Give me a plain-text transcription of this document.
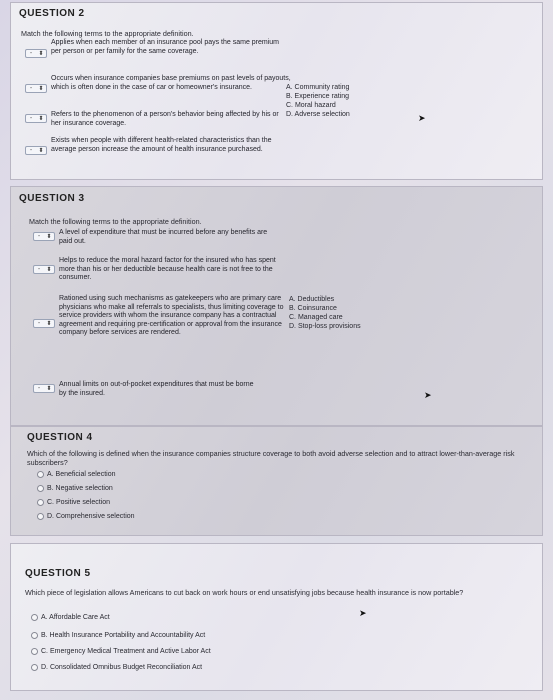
QUESTION 2
Match the following terms to the appropriate definition.
-	⬍
Applies when each member of an insurance pool pays the same premium per person or per family for the same coverage.
-	⬍
Occurs when insurance companies base premiums on past levels of payouts, which is often done in the case of car or homeowner's insurance.
-	⬍
Refers to the phenomenon of a person's behavior being affected by his or her insurance coverage.
-	⬍
Exists when people with different health-related characteristics than the average person increase the amount of health insurance purchased.
A. Community rating
B. Experience rating
C. Moral hazard
D. Adverse selection	➤
QUESTION 3
Match the following terms to the appropriate definition.
-	⬍
A level of expenditure that must be incurred before any benefits are paid out.
-	⬍
Helps to reduce the moral hazard factor for the insured who has spent more than his or her deductible because health care is not free to the consumer.
-	⬍
Rationed using such mechanisms as gatekeepers who are primary care physicians who make all referrals to specialists, thus limiting coverage to service providers with whom the insurance company has a contractual agreement and requiring pre-certification or approval from the insurance company before services are rendered.
-	⬍
Annual limits on out-of-pocket expenditures that must be borne by the insured.
A. Deductibles
B. Coinsurance
C. Managed care
D. Stop-loss provisions
➤
QUESTION 4
Which of the following is defined when the insurance companies structure coverage to both avoid adverse selection and to attract lower-than-average risk subscribers?
A. Beneficial selection
B. Negative selection
C. Positive selection
D. Comprehensive selection
QUESTION 5
Which piece of legislation allows Americans to cut back on work hours or end unsatisfying jobs because health insurance is now portable?
A. Affordable Care Act
B. Health Insurance Portability and Accountability Act
C. Emergency Medical Treatment and Active Labor Act
D. Consolidated Omnibus Budget Reconciliation Act
➤
